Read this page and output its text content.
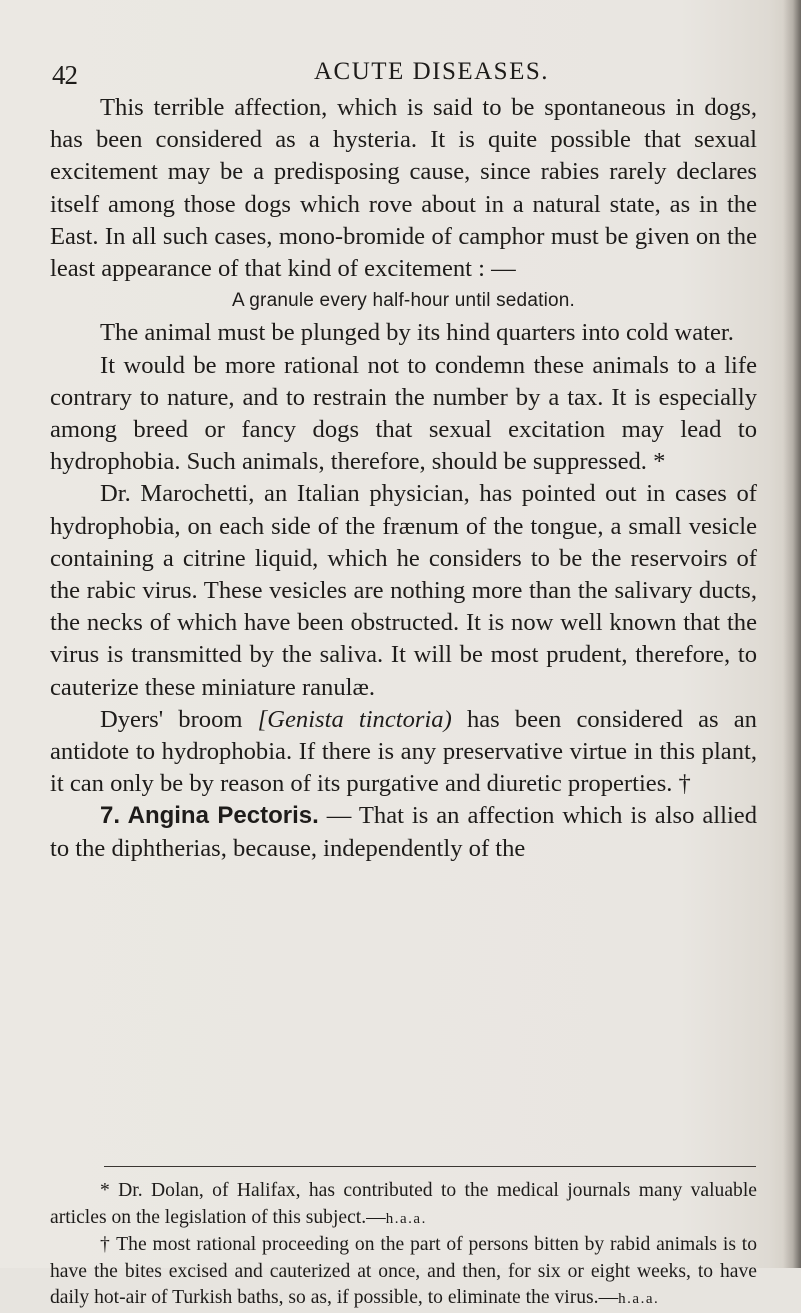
42	ACUTE DISEASES.

This terrible affection, which is said to be spontaneous in dogs, has been considered as a hysteria. It is quite possible that sexual excitement may be a predisposing cause, since rabies rarely declares itself among those dogs which rove about in a natural state, as in the East. In all such cases, mono-bromide of camphor must be given on the least appearance of that kind of excitement : —

A granule every half-hour until sedation.

The animal must be plunged by its hind quarters into cold water.

It would be more rational not to condemn these animals to a life contrary to nature, and to restrain the number by a tax. It is especially among breed or fancy dogs that sexual excitation may lead to hydrophobia. Such animals, therefore, should be suppressed. *

Dr. Marochetti, an Italian physician, has pointed out in cases of hydrophobia, on each side of the frænum of the tongue, a small vesicle containing a citrine liquid, which he considers to be the reservoirs of the rabic virus. These vesicles are nothing more than the salivary ducts, the necks of which have been obstructed. It is now well known that the virus is transmitted by the saliva. It will be most prudent, therefore, to cauterize these miniature ranulæ.

Dyers' broom [Genista tinctoria) has been considered as an antidote to hydrophobia. If there is any preservative virtue in this plant, it can only be by reason of its purgative and diuretic properties. †

7. Angina Pectoris. — That is an affection which is also allied to the diphtherias, because, independently of the

* Dr. Dolan, of Halifax, has contributed to the medical journals many valuable articles on the legislation of this subject.—h.a.a.

† The most rational proceeding on the part of persons bitten by rabid animals is to have the bites excised and cauterized at once, and then, for six or eight weeks, to have daily hot-air of Turkish baths, so as, if possible, to eliminate the virus.—h.a.a.
